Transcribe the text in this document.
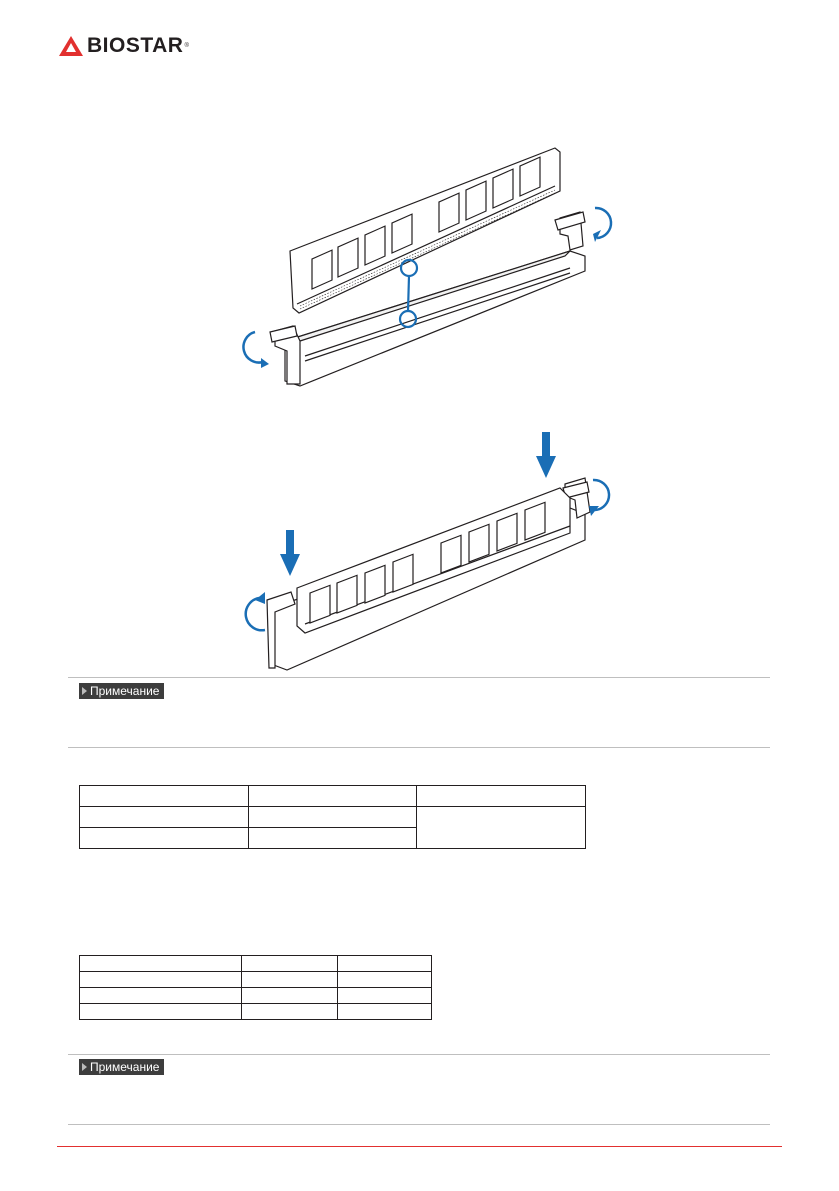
BIOSTAR ®
Примечание

Примечание
